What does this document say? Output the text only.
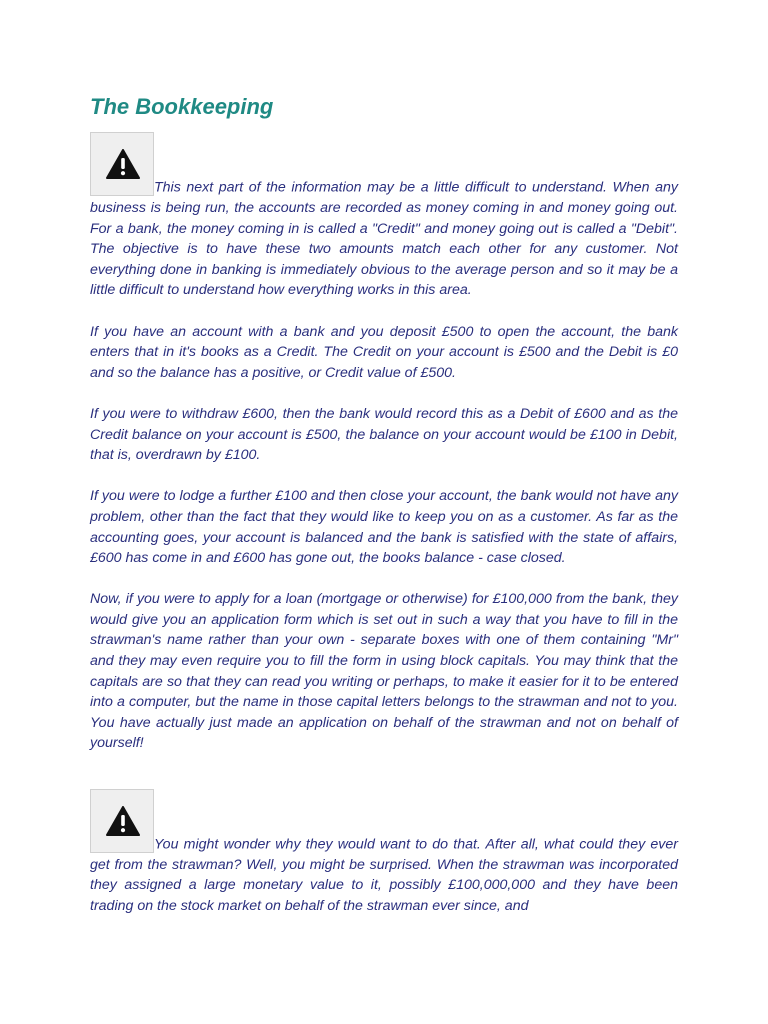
The Bookkeeping

This next part of the information may be a little difficult to understand. When any business is being run, the accounts are recorded as money coming in and money going out. For a bank, the money coming in is called a "Credit" and money going out is called a "Debit". The objective is to have these two amounts match each other for any customer. Not everything done in banking is immediately obvious to the average person and so it may be a little difficult to understand how everything works in this area.

If you have an account with a bank and you deposit £500 to open the account, the bank enters that in it's books as a Credit. The Credit on your account is £500 and the Debit is £0 and so the balance has a positive, or Credit value of £500.

If you were to withdraw £600, then the bank would record this as a Debit of £600 and as the Credit balance on your account is £500, the balance on your account would be £100 in Debit, that is, overdrawn by £100.

If you were to lodge a further £100 and then close your account, the bank would not have any problem, other than the fact that they would like to keep you on as a customer. As far as the accounting goes, your account is balanced and the bank is satisfied with the state of affairs, £600 has come in and £600 has gone out, the books balance - case closed.

Now, if you were to apply for a loan (mortgage or otherwise) for £100,000 from the bank, they would give you an application form which is set out in such a way that you have to fill in the strawman's name rather than your own - separate boxes with one of them containing "Mr" and they may even require you to fill the form in using block capitals. You may think that the capitals are so that they can read you writing or perhaps, to make it easier for it to be entered into a computer, but the name in those capital letters belongs to the strawman and not to you. You have actually just made an application on behalf of the strawman and not on behalf of yourself!

You might wonder why they would want to do that. After all, what could they ever get from the strawman? Well, you might be surprised. When the strawman was incorporated they assigned a large monetary value to it, possibly £100,000,000 and they have been trading on the stock market on behalf of the strawman ever since, and
